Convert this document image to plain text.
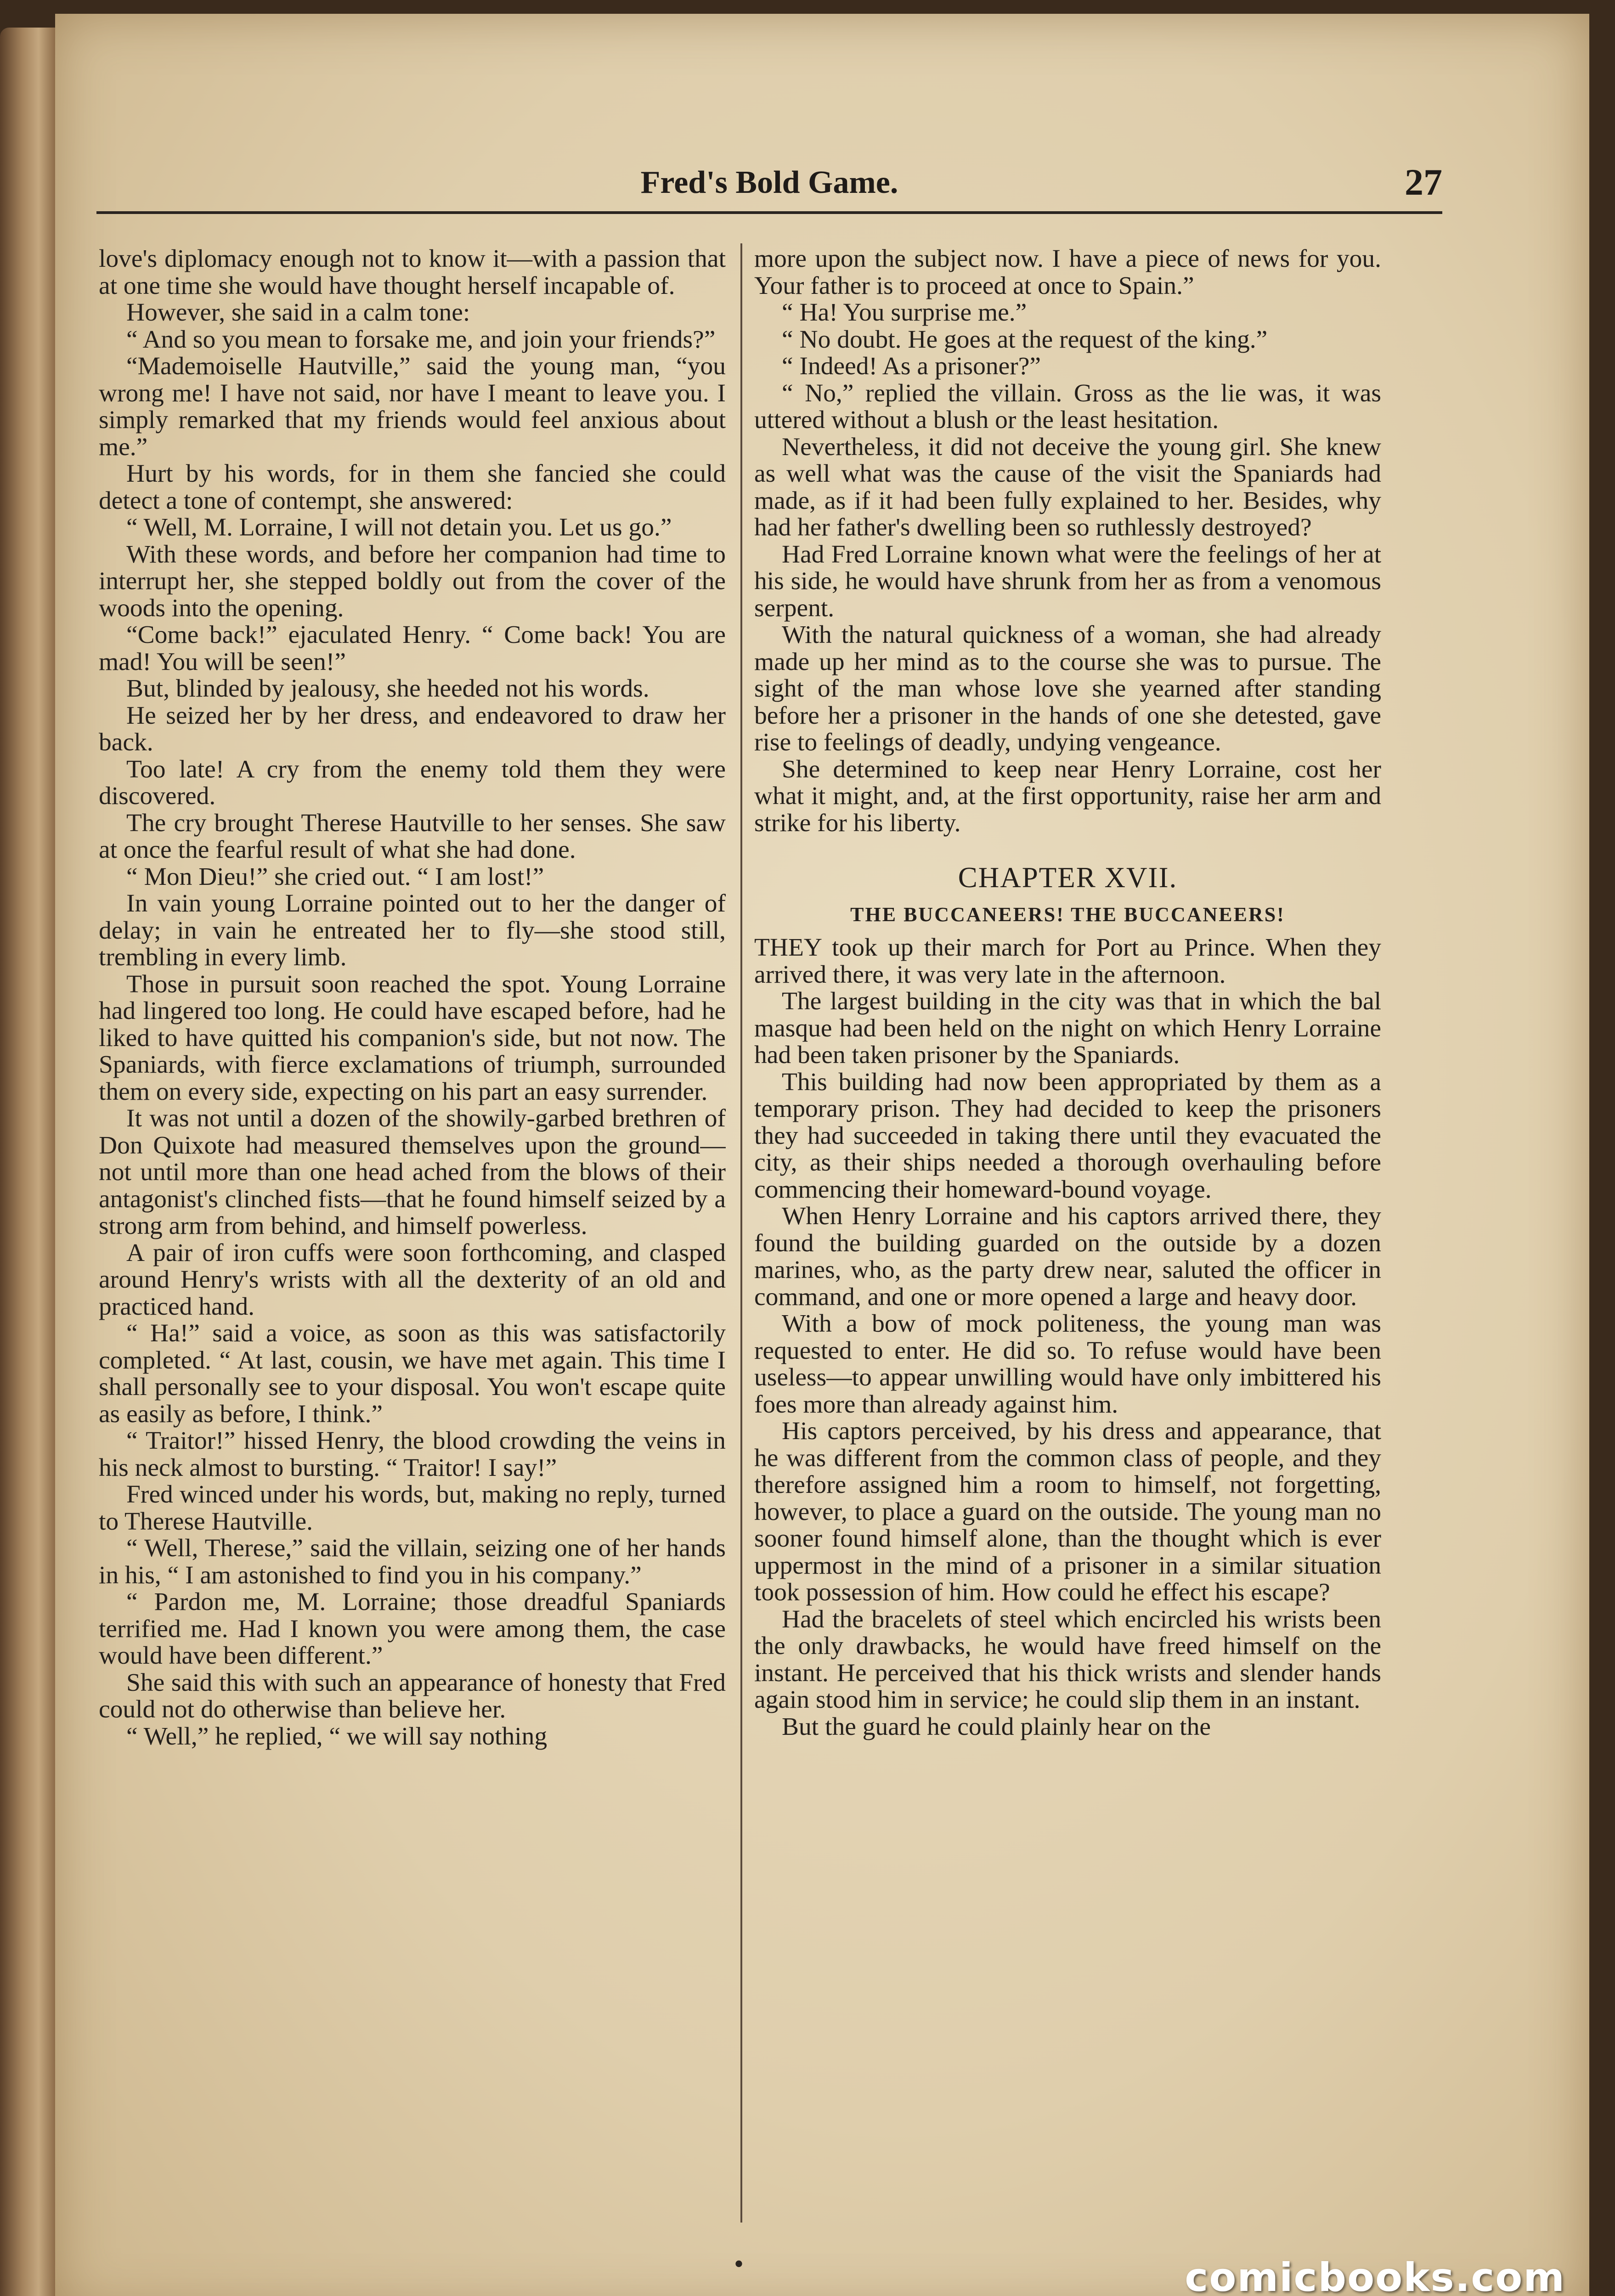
Fred's Bold Game.	27

love's diplomacy enough not to know it—with a passion that at one time she would have thought herself incapable of.

However, she said in a calm tone:

“ And so you mean to forsake me, and join your friends?”

“Mademoiselle Hautville,” said the young man, “you wrong me! I have not said, nor have I meant to leave you. I simply remarked that my friends would feel anxious about me.”

Hurt by his words, for in them she fancied she could detect a tone of contempt, she answered:

“ Well, M. Lorraine, I will not detain you. Let us go.”

With these words, and before her companion had time to interrupt her, she stepped boldly out from the cover of the woods into the opening.

“Come back!” ejaculated Henry. “ Come back! You are mad! You will be seen!”

But, blinded by jealousy, she heeded not his words.

He seized her by her dress, and endeavored to draw her back.

Too late! A cry from the enemy told them they were discovered.

The cry brought Therese Hautville to her senses. She saw at once the fearful result of what she had done.

“ Mon Dieu!” she cried out. “ I am lost!”

In vain young Lorraine pointed out to her the danger of delay; in vain he entreated her to fly—she stood still, trembling in every limb.

Those in pursuit soon reached the spot. Young Lorraine had lingered too long. He could have escaped before, had he liked to have quitted his companion's side, but not now. The Spaniards, with fierce exclamations of triumph, surrounded them on every side, expecting on his part an easy surrender.

It was not until a dozen of the showily-garbed brethren of Don Quixote had measured themselves upon the ground—not until more than one head ached from the blows of their antagonist's clinched fists—that he found himself seized by a strong arm from behind, and himself powerless.

A pair of iron cuffs were soon forthcoming, and clasped around Henry's wrists with all the dexterity of an old and practiced hand.

“ Ha!” said a voice, as soon as this was satisfactorily completed. “ At last, cousin, we have met again. This time I shall personally see to your disposal. You won't escape quite as easily as before, I think.”

“ Traitor!” hissed Henry, the blood crowding the veins in his neck almost to bursting. “ Traitor! I say!”

Fred winced under his words, but, making no reply, turned to Therese Hautville.

“ Well, Therese,” said the villain, seizing one of her hands in his, “ I am astonished to find you in his company.”

“ Pardon me, M. Lorraine; those dreadful Spaniards terrified me. Had I known you were among them, the case would have been different.”

She said this with such an appearance of honesty that Fred could not do otherwise than believe her.

“ Well,” he replied, “ we will say nothing

more upon the subject now. I have a piece of news for you. Your father is to proceed at once to Spain.”

“ Ha! You surprise me.”

“ No doubt. He goes at the request of the king.”

“ Indeed! As a prisoner?”

“ No,” replied the villain. Gross as the lie was, it was uttered without a blush or the least hesitation.

Nevertheless, it did not deceive the young girl. She knew as well what was the cause of the visit the Spaniards had made, as if it had been fully explained to her. Besides, why had her father's dwelling been so ruthlessly destroyed?

Had Fred Lorraine known what were the feelings of her at his side, he would have shrunk from her as from a venomous serpent.

With the natural quickness of a woman, she had already made up her mind as to the course she was to pursue. The sight of the man whose love she yearned after standing before her a prisoner in the hands of one she detested, gave rise to feelings of deadly, undying vengeance.

She determined to keep near Henry Lorraine, cost her what it might, and, at the first opportunity, raise her arm and strike for his liberty.

CHAPTER XVII.
THE BUCCANEERS! THE BUCCANEERS!

THEY took up their march for Port au Prince. When they arrived there, it was very late in the afternoon.

The largest building in the city was that in which the bal masque had been held on the night on which Henry Lorraine had been taken prisoner by the Spaniards.

This building had now been appropriated by them as a temporary prison. They had decided to keep the prisoners they had succeeded in taking there until they evacuated the city, as their ships needed a thorough overhauling before commencing their homeward-bound voyage.

When Henry Lorraine and his captors arrived there, they found the building guarded on the outside by a dozen marines, who, as the party drew near, saluted the officer in command, and one or more opened a large and heavy door.

With a bow of mock politeness, the young man was requested to enter. He did so. To refuse would have been useless—to appear unwilling would have only imbittered his foes more than already against him.

His captors perceived, by his dress and appearance, that he was different from the common class of people, and they therefore assigned him a room to himself, not forgetting, however, to place a guard on the outside. The young man no sooner found himself alone, than the thought which is ever uppermost in the mind of a prisoner in a similar situation took possession of him. How could he effect his escape?

Had the bracelets of steel which encircled his wrists been the only drawbacks, he would have freed himself on the instant. He perceived that his thick wrists and slender hands again stood him in service; he could slip them in an instant.

But the guard he could plainly hear on the

•	comicbooks.com
